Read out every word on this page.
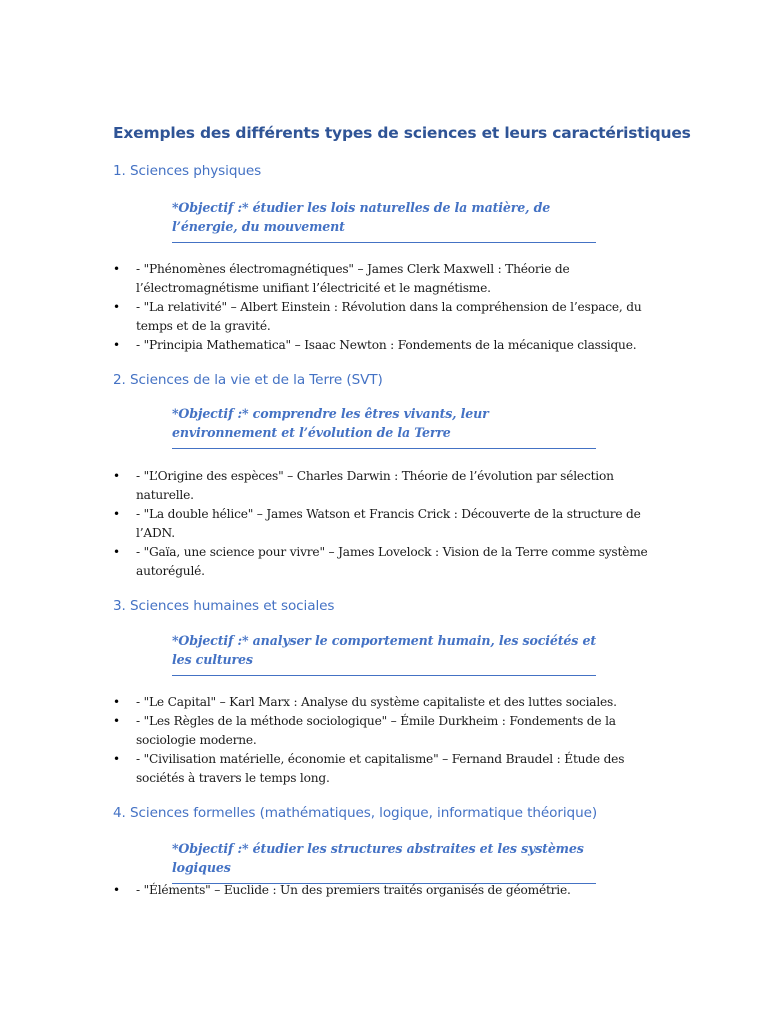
Exemples des différents types de sciences et leurs caractéristiques
1. Sciences physiques

*Objectif :* étudier les lois naturelles de la matière, de l’énergie, du mouvement

• - "Phénomènes électromagnétiques" – James Clerk Maxwell : Théorie de l’électromagnétisme unifiant l’électricité et le magnétisme.
• - "La relativité" – Albert Einstein : Révolution dans la compréhension de l’espace, du temps et de la gravité.
• - "Principia Mathematica" – Isaac Newton : Fondements de la mécanique classique.
2. Sciences de la vie et de la Terre (SVT)

*Objectif :* comprendre les êtres vivants, leur environnement et l’évolution de la Terre

• - "L’Origine des espèces" – Charles Darwin : Théorie de l’évolution par sélection naturelle.
• - "La double hélice" – James Watson et Francis Crick : Découverte de la structure de l’ADN.
• - "Gaïa, une science pour vivre" – James Lovelock : Vision de la Terre comme système autorégulé.
3. Sciences humaines et sociales

*Objectif :* analyser le comportement humain, les sociétés et les cultures

• - "Le Capital" – Karl Marx : Analyse du système capitaliste et des luttes sociales.
• - "Les Règles de la méthode sociologique" – Émile Durkheim : Fondements de la sociologie moderne.
• - "Civilisation matérielle, économie et capitalisme" – Fernand Braudel : Étude des sociétés à travers le temps long.
4. Sciences formelles (mathématiques, logique, informatique théorique)

*Objectif :* étudier les structures abstraites et les systèmes logiques

• - "Éléments" – Euclide : Un des premiers traités organisés de géométrie.
